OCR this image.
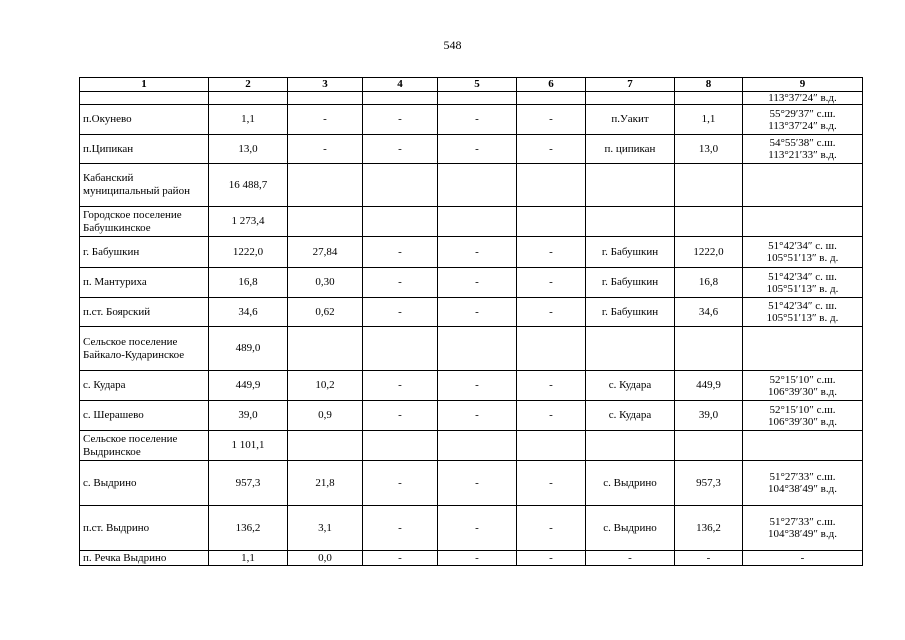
548
1	2	3	4	5	6	7	8	9
								113°37′24″ в.д.
п.Окунево	1,1	-	-	-	-	п.Уакит	1,1	55°29′37″ с.ш.
113°37′24″ в.д.
п.Ципикан	13,0	-	-	-	-	п. ципикан	13,0	54°55′38″ с.ш.
113°21′33″ в.д.
Кабанский муниципальный район	16 488,7							
Городское поселение Бабушкинское	1 273,4							
г. Бабушкин	1222,0	27,84	-	-	-	г. Бабушкин	1222,0	51°42′34″ с. ш.
105°51′13″ в. д.
п. Мантуриха	16,8	0,30	-	-	-	г. Бабушкин	16,8	51°42′34″ с. ш.
105°51′13″ в. д.
п.ст. Боярский	34,6	0,62	-	-	-	г. Бабушкин	34,6	51°42′34″ с. ш.
105°51′13″ в. д.
Сельское поселение Байкало-Кударинское	489,0							
с. Кудара	449,9	10,2	-	-	-	с. Кудара	449,9	52°15′10″ с.ш.
106°39′30″ в.д.
с. Шерашево	39,0	0,9	-	-	-	с. Кудара	39,0	52°15′10″ с.ш.
106°39′30″ в.д.
Сельское поселение Выдринское	1 101,1							
с. Выдрино	957,3	21,8	-	-	-	с. Выдрино	957,3	51°27′33″ с.ш.
104°38′49″ в.д.
п.ст. Выдрино	136,2	3,1	-	-	-	с. Выдрино	136,2	51°27′33″ с.ш.
104°38′49″ в.д.
п. Речка Выдрино	1,1	0,0	-	-	-	-	-	-
